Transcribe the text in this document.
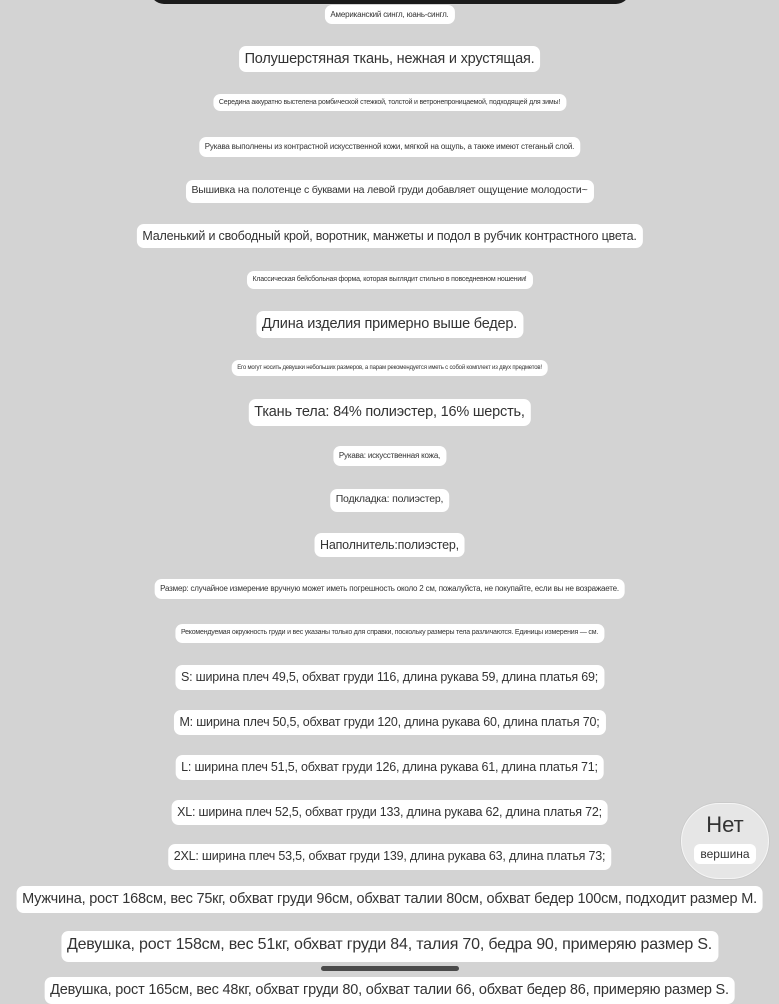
Американский сингл, юань-сингл.
Полушерстяная ткань, нежная и хрустящая.
Середина аккуратно выстелена ромбической стежкой, толстой и ветронепроницаемой, подходящей для зимы!
Рукава выполнены из контрастной искусственной кожи, мягкой на ощупь, а также имеют стеганый слой.
Вышивка на полотенце с буквами на левой груди добавляет ощущение молодости~
Маленький и свободный крой, воротник, манжеты и подол в рубчик контрастного цвета.
Классическая бейсбольная форма, которая выглядит стильно в повседневном ношении!
Длина изделия примерно выше бедер.
Его могут носить девушки небольших размеров, а парам рекомендуется иметь с собой комплект из двух предметов!
Ткань тела: 84% полиэстер, 16% шерсть,
Рукава: искусственная кожа,
Подкладка: полиэстер,
Наполнитель:полиэстер,
Размер: случайное измерение вручную может иметь погрешность около 2 см, пожалуйста, не покупайте, если вы не возражаете.
Рекомендуемая окружность груди и вес указаны только для справки, поскольку размеры тела различаются. Единицы измерения — см.
S: ширина плеч 49,5, обхват груди 116, длина рукава 59, длина платья 69;
M: ширина плеч 50,5, обхват груди 120, длина рукава 60, длина платья 70;
L: ширина плеч 51,5, обхват груди 126, длина рукава 61, длина платья 71;
XL: ширина плеч 52,5, обхват груди 133, длина рукава 62, длина платья 72;
2XL: ширина плеч 53,5, обхват груди 139, длина рукава 63, длина платья 73;
Мужчина, рост 168см, вес 75кг, обхват груди 96см, обхват талии 80см, обхват бедер 100см, подходит размер M.
Девушка, рост 158см, вес 51кг, обхват груди 84, талия 70, бедра 90, примеряю размер S.
Девушка, рост 165см, вес 48кг, обхват груди 80, обхват талии 66, обхват бедер 86, примеряю размер S.
Нет
вершина
